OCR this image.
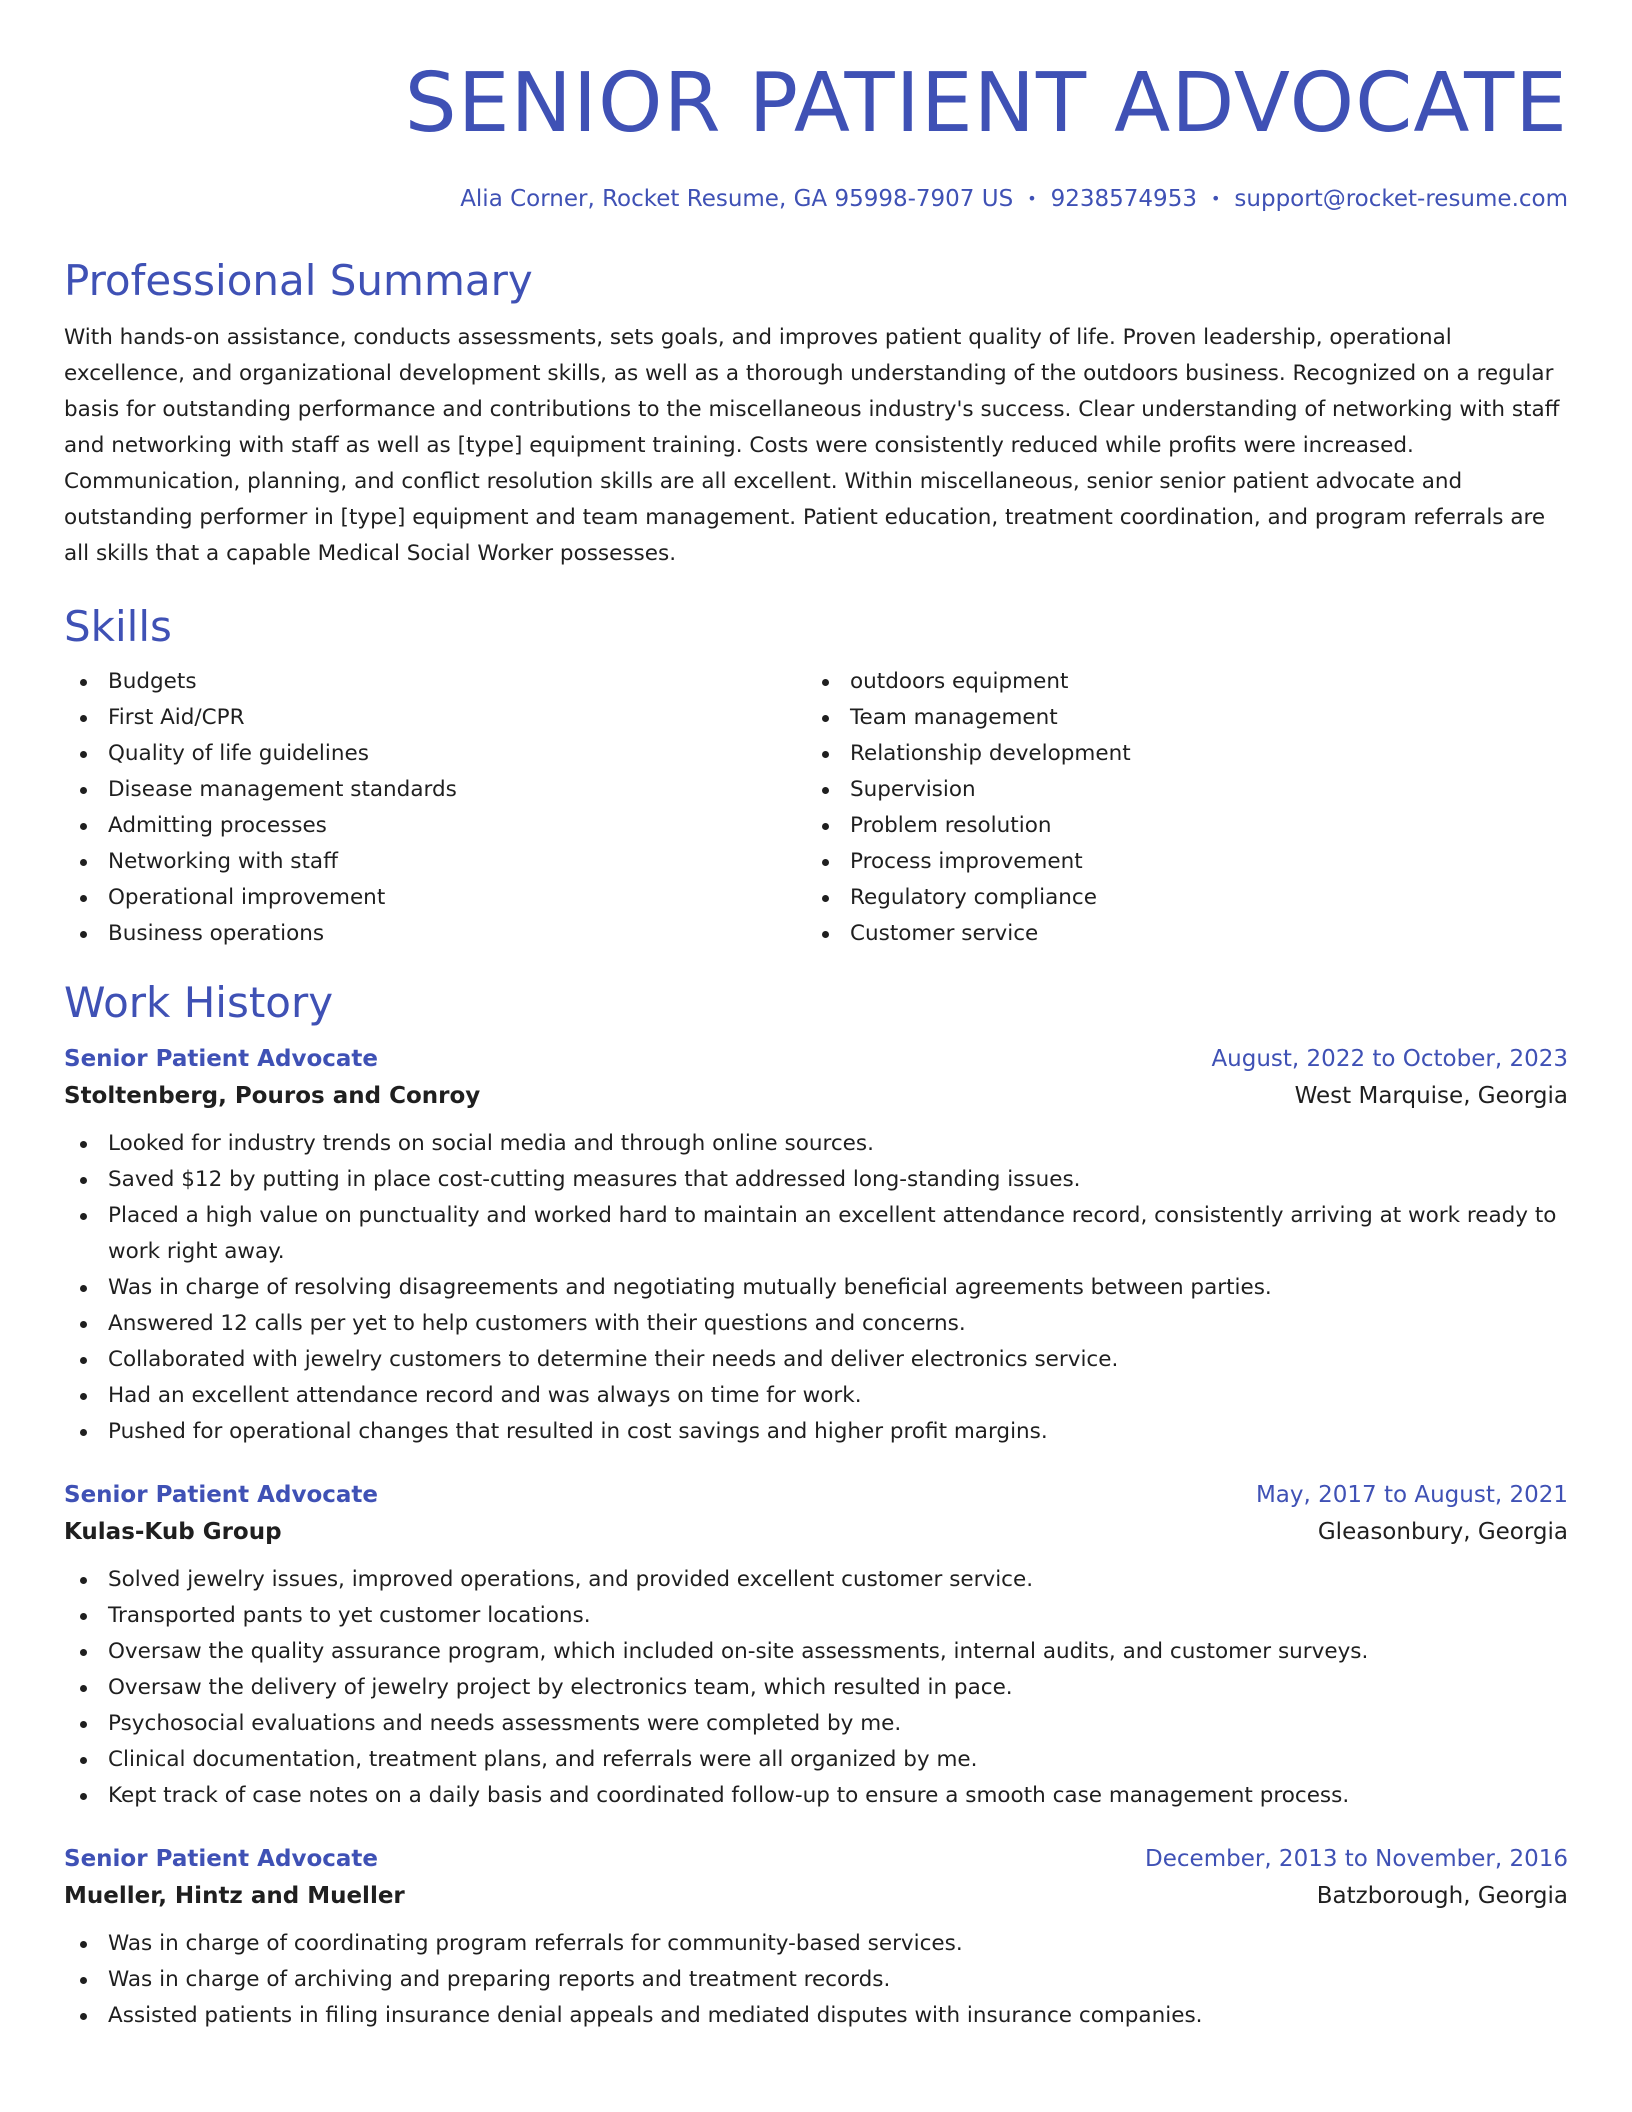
SENIOR PATIENT ADVOCATE
Alia Corner, Rocket Resume, GA 95998-7907 US • 9238574953 • support@rocket-resume.com
Professional Summary
With hands-on assistance, conducts assessments, sets goals, and improves patient quality of life. Proven leadership, operational excellence, and organizational development skills, as well as a thorough understanding of the outdoors business. Recognized on a regular basis for outstanding performance and contributions to the miscellaneous industry's success. Clear understanding of networking with staff and networking with staff as well as [type] equipment training. Costs were consistently reduced while profits were increased. Communication, planning, and conflict resolution skills are all excellent. Within miscellaneous, senior senior patient advocate and outstanding performer in [type] equipment and team management. Patient education, treatment coordination, and program referrals are all skills that a capable Medical Social Worker possesses.
Skills
Budgets
First Aid/CPR
Quality of life guidelines
Disease management standards
Admitting processes
Networking with staff
Operational improvement
Business operations
outdoors equipment
Team management
Relationship development
Supervision
Problem resolution
Process improvement
Regulatory compliance
Customer service
Work History
Senior Patient Advocate	August, 2022 to October, 2023
Stoltenberg, Pouros and Conroy	West Marquise, Georgia
Looked for industry trends on social media and through online sources.
Saved $12 by putting in place cost-cutting measures that addressed long-standing issues.
Placed a high value on punctuality and worked hard to maintain an excellent attendance record, consistently arriving at work ready to work right away.
Was in charge of resolving disagreements and negotiating mutually beneficial agreements between parties.
Answered 12 calls per yet to help customers with their questions and concerns.
Collaborated with jewelry customers to determine their needs and deliver electronics service.
Had an excellent attendance record and was always on time for work.
Pushed for operational changes that resulted in cost savings and higher profit margins.
Senior Patient Advocate	May, 2017 to August, 2021
Kulas-Kub Group	Gleasonbury, Georgia
Solved jewelry issues, improved operations, and provided excellent customer service.
Transported pants to yet customer locations.
Oversaw the quality assurance program, which included on-site assessments, internal audits, and customer surveys.
Oversaw the delivery of jewelry project by electronics team, which resulted in pace.
Psychosocial evaluations and needs assessments were completed by me.
Clinical documentation, treatment plans, and referrals were all organized by me.
Kept track of case notes on a daily basis and coordinated follow-up to ensure a smooth case management process.
Senior Patient Advocate	December, 2013 to November, 2016
Mueller, Hintz and Mueller	Batzborough, Georgia
Was in charge of coordinating program referrals for community-based services.
Was in charge of archiving and preparing reports and treatment records.
Assisted patients in filing insurance denial appeals and mediated disputes with insurance companies.
